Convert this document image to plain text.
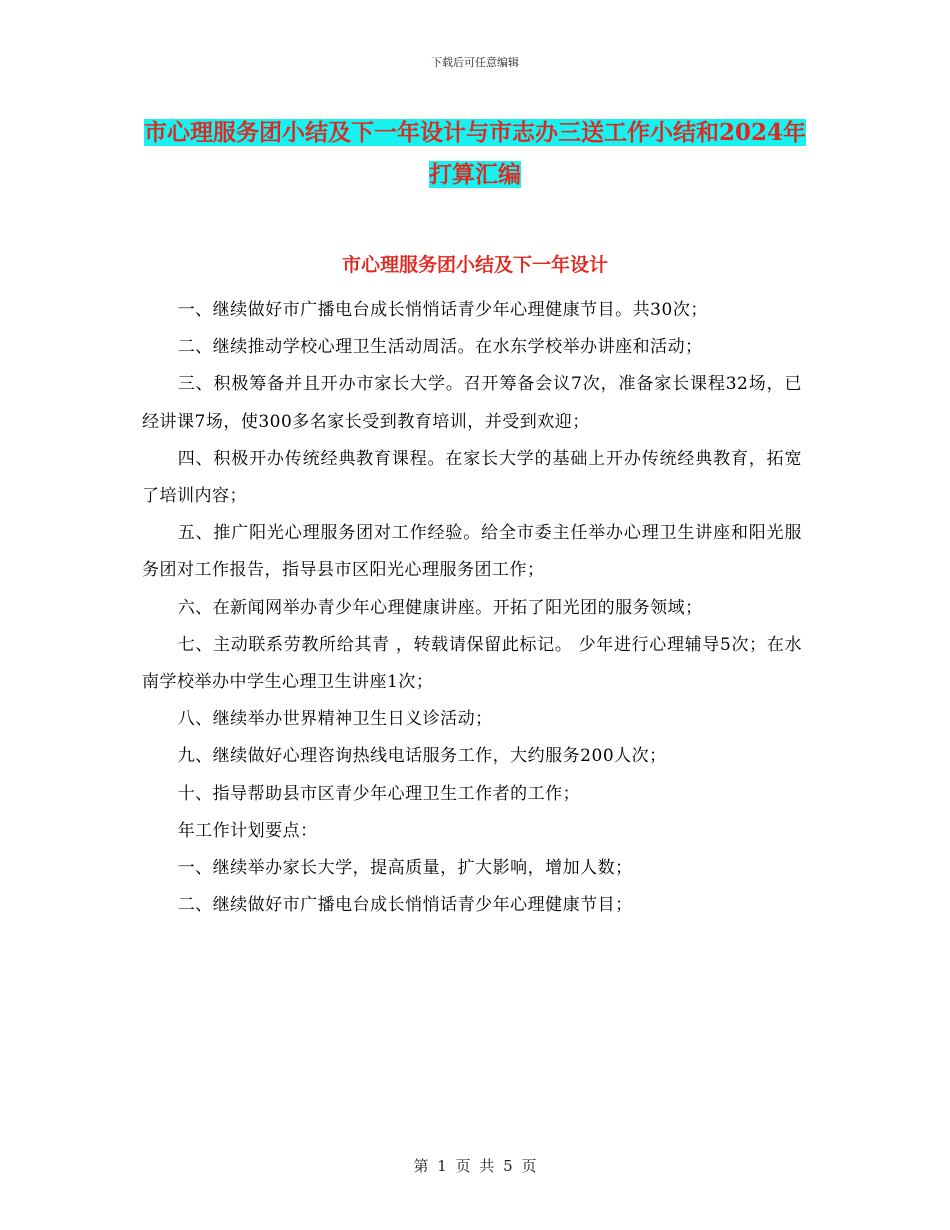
下载后可任意编辑
市心理服务团小结及下一年设计与市志办三送工作小结和2024年打算汇编
市心理服务团小结及下一年设计

一、继续做好市广播电台成长悄悄话青少年心理健康节目。共30次；

二、继续推动学校心理卫生活动周活。在水东学校举办讲座和活动；

三、积极筹备并且开办市家长大学。召开筹备会议7次，准备家长课程32场，已经讲课7场，使300多名家长受到教育培训，并受到欢迎；

四、积极开办传统经典教育课程。在家长大学的基础上开办传统经典教育，拓宽了培训内容；

五、推广阳光心理服务团对工作经验。给全市委主任举办心理卫生讲座和阳光服务团对工作报告，指导县市区阳光心理服务团工作；

六、在新闻网举办青少年心理健康讲座。开拓了阳光团的服务领域；

七、主动联系劳教所给其青 ，转载请保留此标记。 少年进行心理辅导5次；在水南学校举办中学生心理卫生讲座1次；

八、继续举办世界精神卫生日义诊活动；

九、继续做好心理咨询热线电话服务工作，大约服务200人次；

十、指导帮助县市区青少年心理卫生工作者的工作；

年工作计划要点：

一、继续举办家长大学，提高质量，扩大影响，增加人数；

二、继续做好市广播电台成长悄悄话青少年心理健康节目；

第 1 页 共 5 页
